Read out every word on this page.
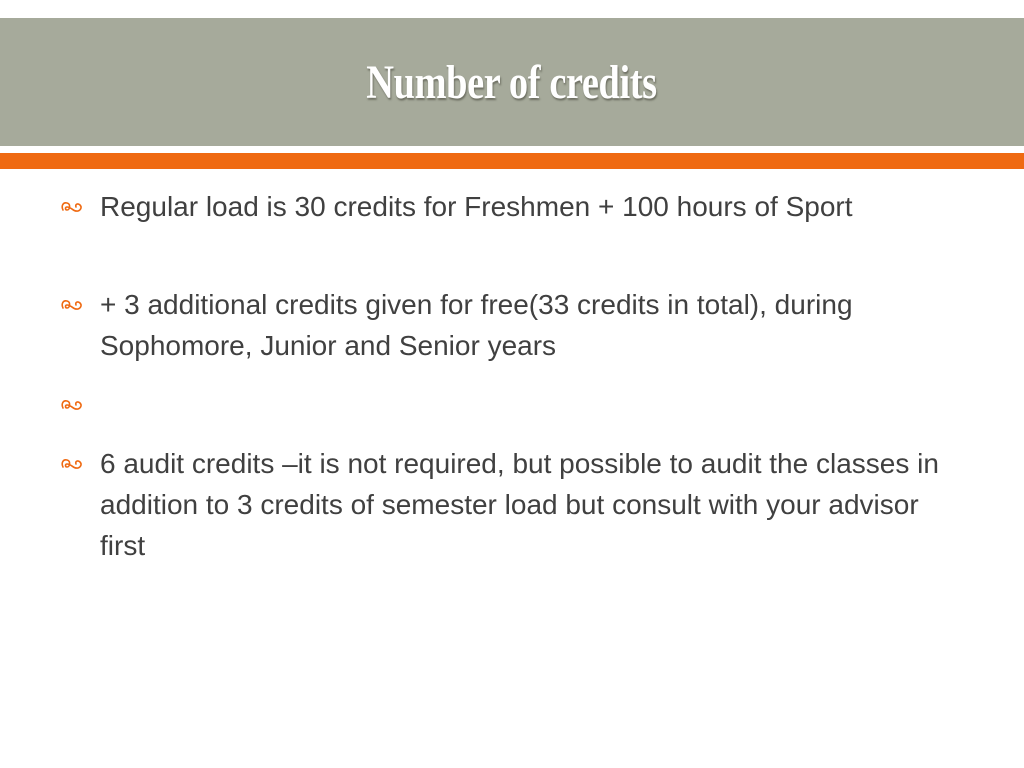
Number of credits
Regular load is 30 credits for Freshmen + 100 hours of Sport
+ 3 additional credits given for free(33 credits in total), during Sophomore, Junior and Senior years
6 audit credits –it is not required, but possible to audit the classes in addition to 3 credits of semester load but consult with your advisor first
